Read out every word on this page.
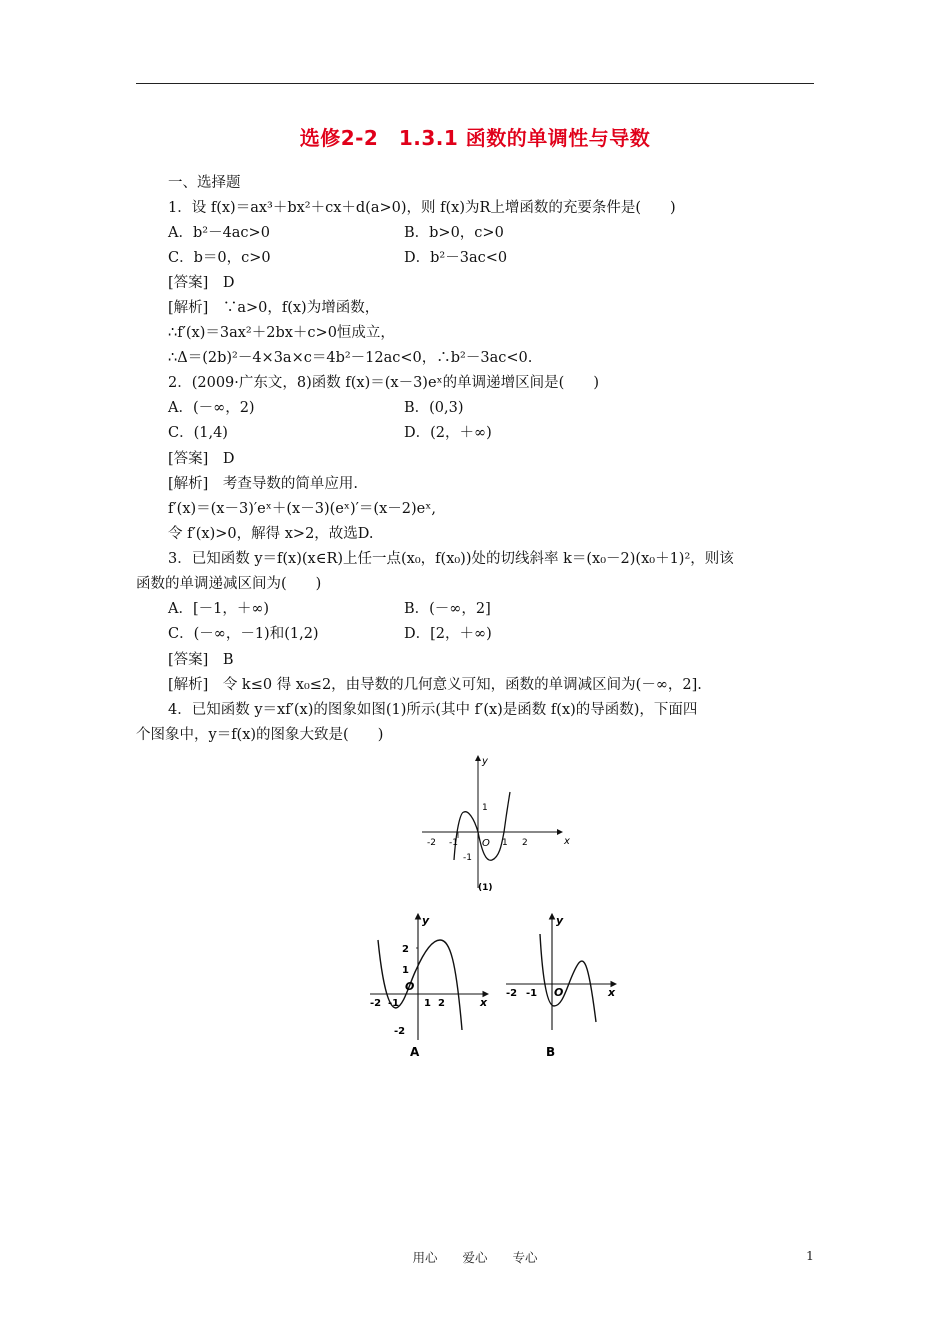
选修2-2　1.3.1 函数的单调性与导数
一、选择题
1．设 f(x)＝ax³＋bx²＋cx＋d(a>0)，则 f(x)为R上增函数的充要条件是(　　)
A．b²－4ac>0	B．b>0，c>0
C．b＝0，c>0	D．b²－3ac<0
[答案]　D
[解析]　∵a>0，f(x)为增函数，
∴f′(x)＝3ax²＋2bx＋c>0恒成立，
∴Δ＝(2b)²－4×3a×c＝4b²－12ac<0，∴b²－3ac<0.
2．(2009·广东文，8)函数 f(x)＝(x－3)eˣ的单调递增区间是(　　)
A．(－∞，2)	B．(0,3)
C．(1,4)	D．(2，＋∞)
[答案]　D
[解析]　考查导数的简单应用.
f′(x)＝(x－3)′eˣ＋(x－3)(eˣ)′＝(x－2)eˣ,
令 f′(x)>0，解得 x>2，故选D.
3．已知函数 y＝f(x)(x∈R)上任一点(x₀，f(x₀))处的切线斜率 k＝(x₀－2)(x₀＋1)²，则该
函数的单调递减区间为(　　)
A．[－1，＋∞)	B．(－∞，2]
C．(－∞，－1)和(1,2)	D．[2，＋∞)
[答案]　B
[解析]　令 k≤0 得 x₀≤2，由导数的几何意义可知，函数的单调减区间为(－∞，2].
4．已知函数 y＝xf′(x)的图象如图(1)所示(其中 f′(x)是函数 f(x)的导函数)，下面四
个图象中，y＝f(x)的图象大致是(　　)
x
y
O
-2 -1	1 2
1
-1
(1)
x
y
O
-2 -1 1 2
2
1
-2
A
x
y
O
-2 -1
B
用心　　爱心　　专心	1
